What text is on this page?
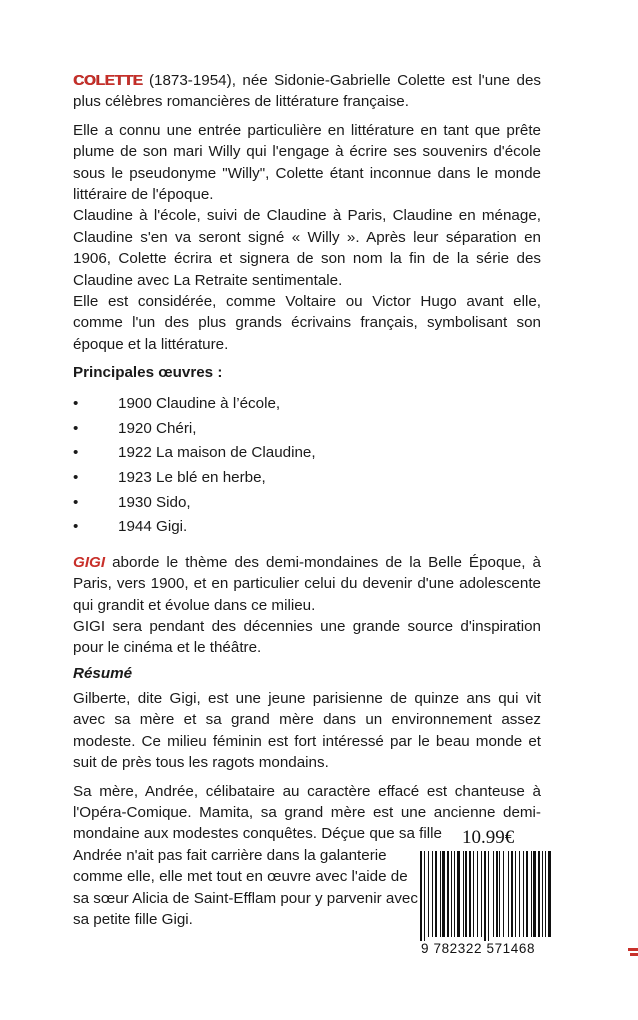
COLETTE (1873-1954), née Sidonie-Gabrielle Colette est l'une des plus célèbres romancières de littérature française.

Elle a connu une entrée particulière en littérature en tant que prête plume de son mari Willy qui l'engage à écrire ses souvenirs d'école sous le pseudonyme "Willy", Colette étant inconnue dans le monde littéraire de l'époque.

Claudine à l'école, suivi de Claudine à Paris, Claudine en ménage, Claudine s'en va seront signé « Willy ». Après leur séparation en 1906, Colette écrira et signera de son nom la fin de la série des Claudine avec La Retraite sentimentale.

Elle est considérée, comme Voltaire ou Victor Hugo avant elle, comme l'un des plus grands écrivains français, symbolisant son époque et la littérature.

Principales œuvres :
•	1900 Claudine à l’école,
•	1920 Chéri,
•	1922 La maison de Claudine,
•	1923 Le blé en herbe,
•	1930 Sido,
•	1944 Gigi.

GIGI aborde le thème des demi-mondaines de la Belle Époque, à Paris, vers 1900, et en particulier celui du devenir d'une adolescente qui grandit et évolue dans ce milieu.

GIGI sera pendant des décennies une grande source d'inspiration pour le cinéma et le théâtre.

Résumé

Gilberte, dite Gigi, est une jeune parisienne de quinze ans qui vit avec sa mère et sa grand mère dans un environnement assez modeste. Ce milieu féminin est fort intéressé par le beau monde et suit de près tous les ragots mondains.

Sa mère, Andrée, célibataire au caractère effacé est chanteuse à l'Opéra-Comique. Mamita, sa grand mère est une ancienne demi-mondaine aux modestes conquêtes. Déçue que sa fille

Andrée n'ait pas fait carrière dans la galanterie comme elle, elle met tout en œuvre avec l'aide de sa sœur Alicia de Saint-Efflam pour y parvenir avec sa petite fille Gigi.

10.99€
9 782322 571468
